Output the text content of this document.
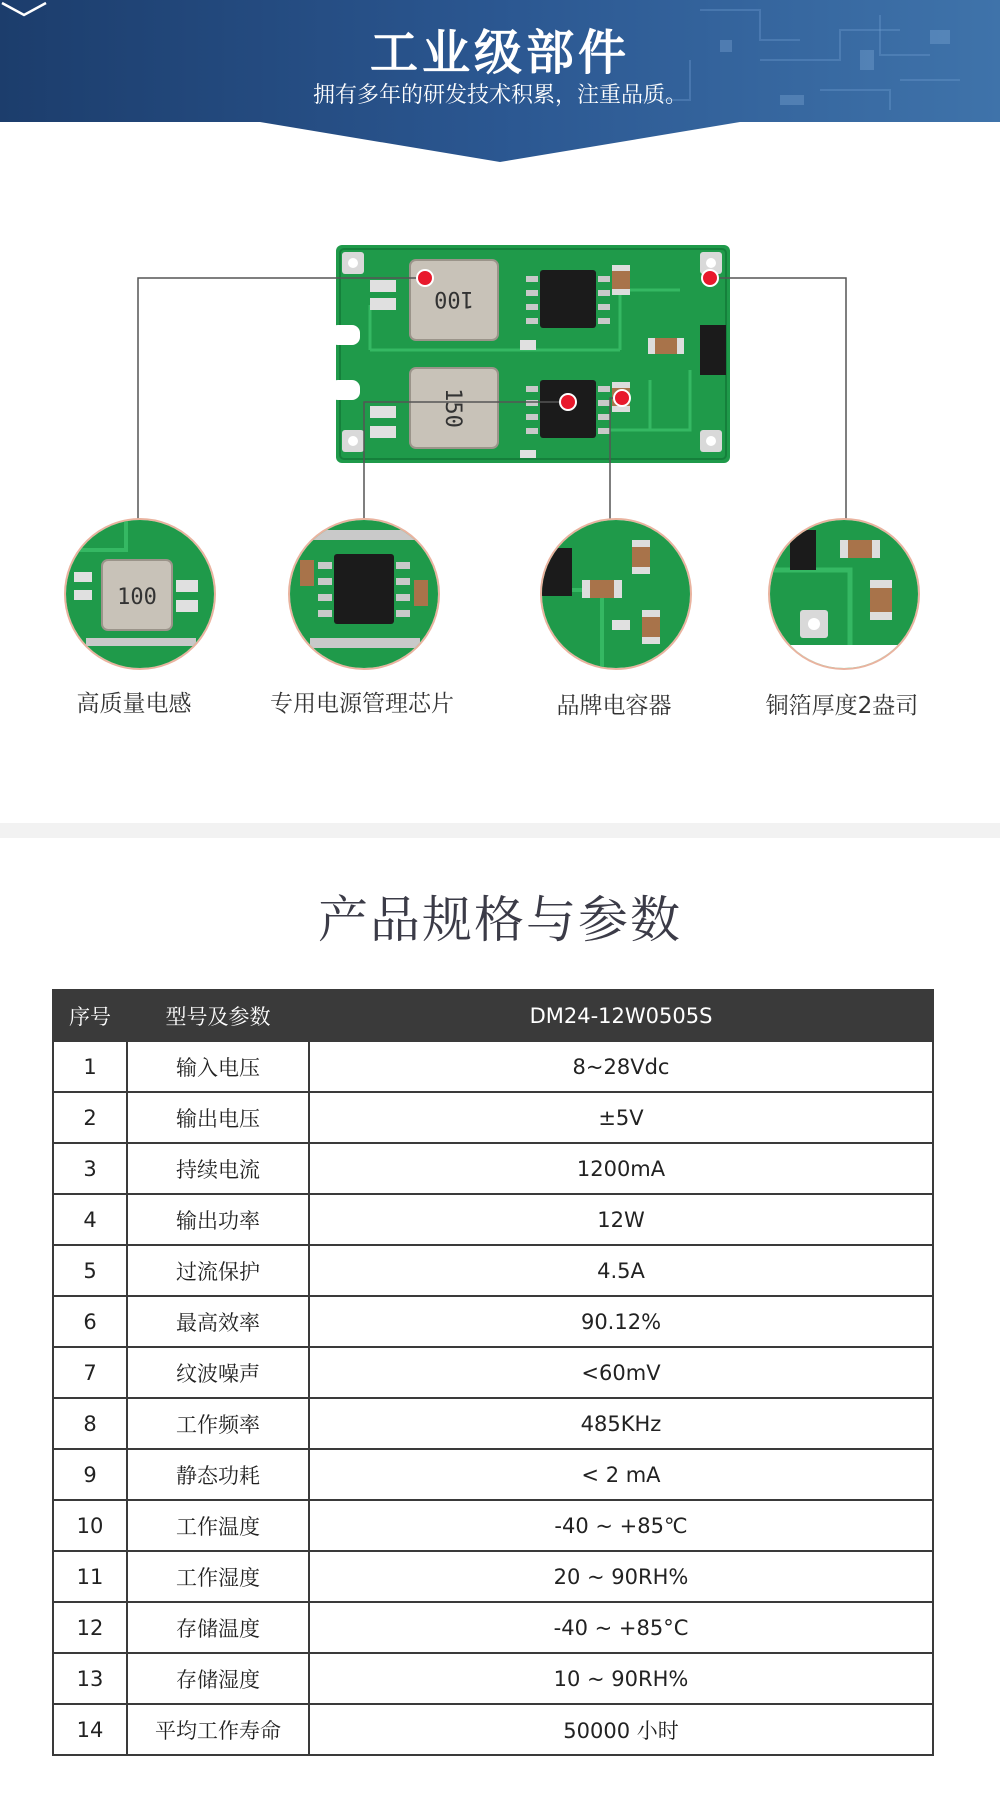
工业级部件
拥有多年的研发技术积累，注重品质。
100
150
100
高质量电感	专用电源管理芯片	品牌电容器	铜箔厚度2盎司
产品规格与参数
序号	型号及参数	DM24-12W0505S
1	输入电压	8~28Vdc
2	输出电压	±5V
3	持续电流	1200mA
4	输出功率	12W
5	过流保护	4.5A
6	最高效率	90.12%
7	纹波噪声	<60mV
8	工作频率	485KHz
9	静态功耗	< 2 mA
10	工作温度	-40 ~ +85℃
11	工作湿度	20 ~ 90RH%
12	存储温度	-40 ~ +85°C
13	存储湿度	10 ~ 90RH%
14	平均工作寿命	50000 小时
